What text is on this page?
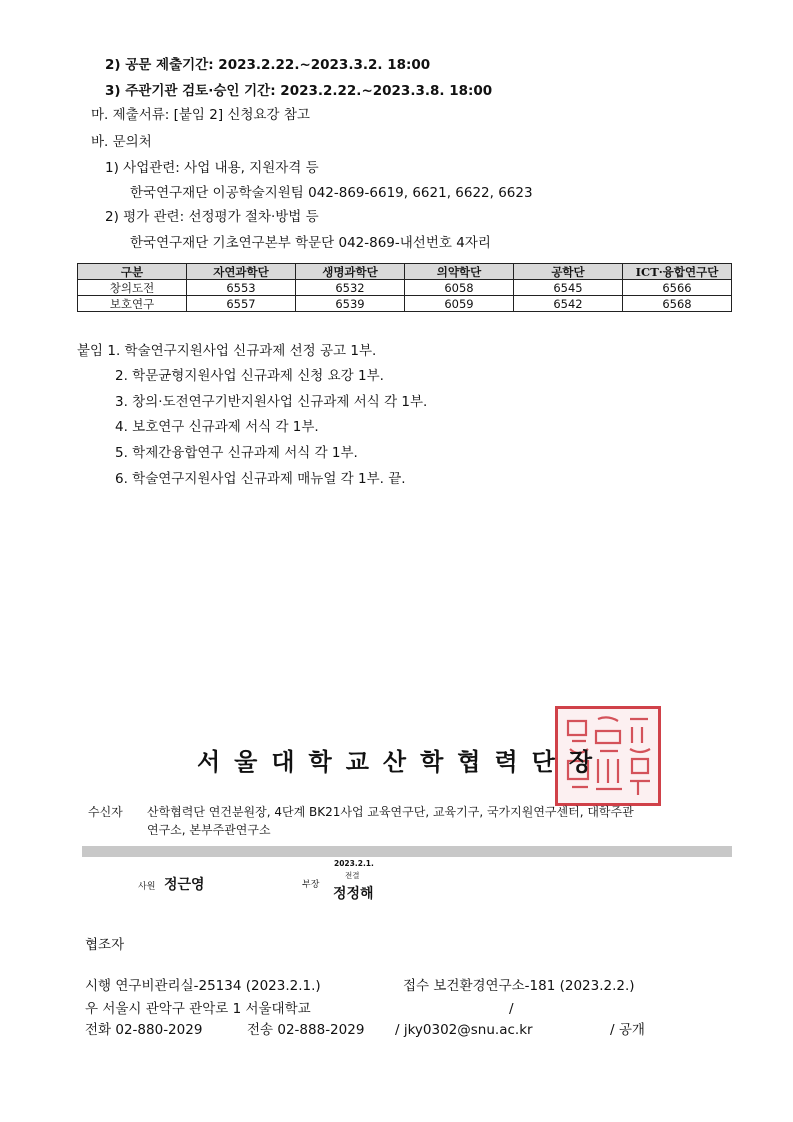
2) 공문 제출기간: 2023.2.22.~2023.3.2. 18:00
3) 주관기관 검토·승인 기간: 2023.2.22.~2023.3.8. 18:00
마. 제출서류: [붙임 2] 신청요강 참고
바. 문의처
1) 사업관련: 사업 내용, 지원자격 등
한국연구재단 이공학술지원팀 042-869-6619, 6621, 6622, 6623
2) 평가 관련: 선정평가 절차·방법 등
한국연구재단 기초연구본부 학문단 042-869-내선번호 4자리
구분	자연과학단	생명과학단	의약학단	공학단	ICT·융합연구단
창의도전	6553	6532	6058	6545	6566
보호연구	6557	6539	6059	6542	6568
붙임 1. 학술연구지원사업 신규과제 선정 공고 1부.
2. 학문균형지원사업 신규과제 신청 요강 1부.
3. 창의·도전연구기반지원사업 신규과제 서식 각 1부.
4. 보호연구 신규과제 서식 각 1부.
5. 학제간융합연구 신규과제 서식 각 1부.
6. 학술연구지원사업 신규과제 매뉴얼 각 1부. 끝.
서울대학교산학협력단장
수신자 산학협력단 연건분원장, 4단계 BK21사업 교육연구단, 교육기구, 국가지원연구센터, 대학주관
연구소, 본부주관연구소
사원 정근영	부장
2023.2.1.
전결
정정해
협조자
시행 연구비관리실-25134 (2023.2.1.)	접수 보건환경연구소-181 (2023.2.2.)
우 서울시 관악구 관악로 1 서울대학교	/
전화 02-880-2029	전송 02-888-2029 / jky0302@snu.ac.kr	/ 공개
